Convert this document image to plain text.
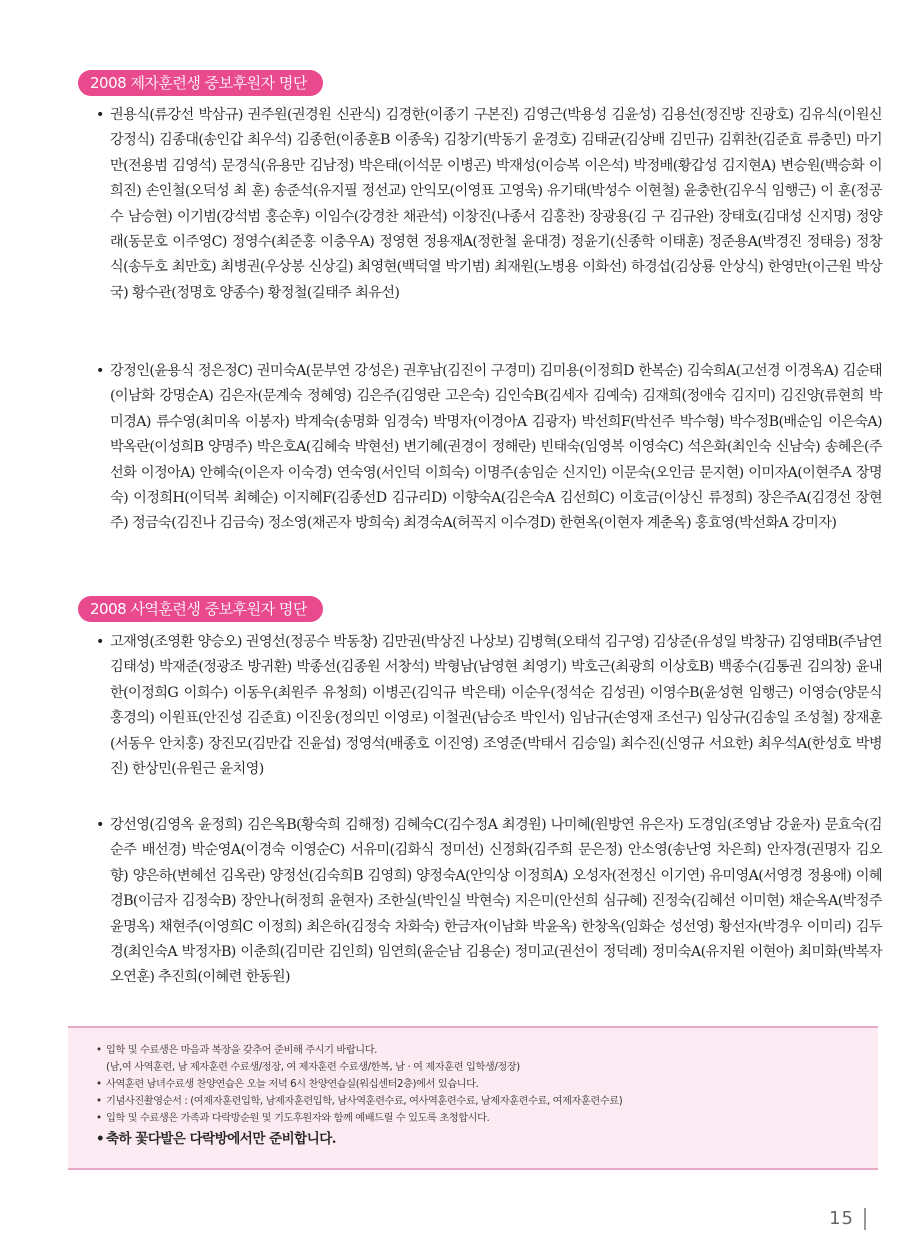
2008 제자훈련생 중보후원자 명단
• 권용식(류강선 박삼규) 권주원(권경원 신관식) 김경한(이종기 구본진) 김영근(박용성 김윤성) 김용선(정진방 진광호) 김유식(이원신 강정식) 김종대(송인갑 최우석) 김종헌(이종훈B 이종욱) 김창기(박동기 윤경호) 김태균(김상배 김민규) 김휘찬(김준효 류충민) 마기만(전용범 김영석) 문경식(유용만 김남정) 박은태(이석문 이병곤) 박재성(이승복 이은석) 박정배(황갑성 김지현A) 변승원(백승화 이희진) 손인철(오덕성 최 훈) 송준석(유지필 정선교) 안익모(이영표 고영욱) 유기태(박성수 이현철) 윤충한(김우식 임행근) 이 훈(정공수 남승현) 이기범(강석범 홍순후) 이임수(강경찬 채관석) 이창진(나종서 김홍찬) 장광용(김 구 김규완) 장태호(김대성 신지명) 정양래(동문호 이주영C) 정영수(최준홍 이충우A) 정영현 정용재A(정한철 윤대경) 정윤기(신종학 이태훈) 정준용A(박경진 정태응) 정창식(송두호 최만호) 최병권(우상봉 신상길) 최영현(백덕열 박기범) 최재원(노병용 이화선) 하경섭(김상룡 안상식) 한영만(이근원 박상국) 황수관(정명호 양종수) 황정철(길태주 최유선)
• 강정인(윤용식 정은정C) 권미숙A(문부연 강성은) 권후남(김진이 구경미) 김미용(이정희D 한복순) 김숙희A(고선경 이경옥A) 김순태(이남화 강명순A) 김은자(문계숙 정혜영) 김은주(김영란 고은숙) 김인숙B(김세자 김예숙) 김재희(정애숙 김지미) 김진양(류현희 박미경A) 류수영(최미옥 이봉자) 박계숙(송명화 임경숙) 박명자(이경아A 김광자) 박선희F(박선주 박수형) 박수정B(배순임 이은숙A) 박옥란(이성희B 양명주) 박은호A(김혜숙 박현선) 변기혜(권경이 정해란) 빈태숙(임영복 이영숙C) 석은화(최인숙 신남숙) 송혜은(주선화 이정아A) 안혜숙(이은자 이숙경) 연숙영(서인덕 이희숙) 이명주(송임순 신지인) 이문숙(오인금 문지현) 이미자A(이현주A 장명숙) 이정희H(이덕복 최혜순) 이지혜F(김종선D 김규리D) 이향숙A(김은숙A 김선희C) 이호금(이상신 류정희) 장은주A(김경선 장현주) 정금숙(김진나 김금숙) 정소영(채곤자 방희숙) 최경숙A(허꼭지 이수경D) 한현옥(이현자 계춘옥) 홍효영(박선화A 강미자)
2008 사역훈련생 중보후원자 명단
• 고재영(조영환 양승오) 권영선(정공수 박동창) 김만권(박상진 나상보) 김병혁(오태석 김구영) 김상준(유성일 박창규) 김영태B(주남연 김태성) 박재준(정광조 방귀환) 박종선(김종원 서창석) 박형남(남영현 최영기) 박호근(최광희 이상호B) 백종수(김통권 김의창) 윤내한(이정희G 이희수) 이동우(최원주 유청희) 이병곤(김익규 박은태) 이순우(정석순 김성권) 이영수B(윤성현 임행근) 이영승(양문식 홍경의) 이원표(안진성 김준효) 이진웅(정의민 이영로) 이철권(남승조 박인서) 임남규(손영재 조선구) 임상규(김송일 조성철) 장재훈(서동우 안치홍) 장진모(김만갑 진윤섭) 정영석(배종호 이진영) 조영준(박태서 김승일) 최수진(신영규 서요한) 최우석A(한성호 박병진) 한상민(유원근 윤치영)
• 강선영(김영옥 윤정희) 김은옥B(황숙희 김해정) 김혜숙C(김수정A 최경원) 나미혜(원방연 유은자) 도경임(조영남 강윤자) 문효숙(김순주 배선경) 박순영A(이경숙 이영순C) 서유미(김화식 정미선) 신정화(김주희 문은정) 안소영(송난영 차은희) 안자경(권명자 김오향) 양은하(변혜선 김옥란) 양정선(김숙희B 김영희) 양정숙A(안익상 이정희A) 오성자(전정신 이기연) 유미영A(서영경 정용애) 이혜경B(이금자 김정숙B) 장안나(허정희 윤현자) 조한실(박인실 박현숙) 지은미(안선희 심규혜) 진정숙(김혜선 이미현) 채순옥A(박정주 윤명옥) 채현주(이영희C 이정희) 최은하(김정숙 차화숙) 한금자(이남화 박윤옥) 한창옥(임화순 성선영) 황선자(박경우 이미리) 김두경(최인숙A 박정자B) 이춘희(김미란 김인희) 임연희(윤순남 김용순) 정미교(권선이 정덕례) 정미숙A(유지원 이현아) 최미화(박복자 오연훈) 추진희(이혜련 한동원)
• 입학 및 수료생은 마음과 복장을 갖추어 준비해 주시기 바랍니다.
(남,여 사역훈련, 남 제자훈련 수료생/정장, 여 제자훈련 수료생/한복, 남 · 여 제자훈련 입학생/정장)
• 사역훈련 남녀수료생 찬양연습은 오늘 저녁 6시 찬양연습실(워십센터2층)에서 있습니다.
• 기념사진촬영순서 : (여제자훈련입학, 남제자훈련입학, 남사역훈련수료, 여사역훈련수료, 남제자훈련수료, 여제자훈련수료)
• 입학 및 수료생은 가족과 다락방순원 및 기도후원자와 함께 예배드릴 수 있도록 초청합시다.
• 축하 꽃다발은 다락방에서만 준비합니다.
15
